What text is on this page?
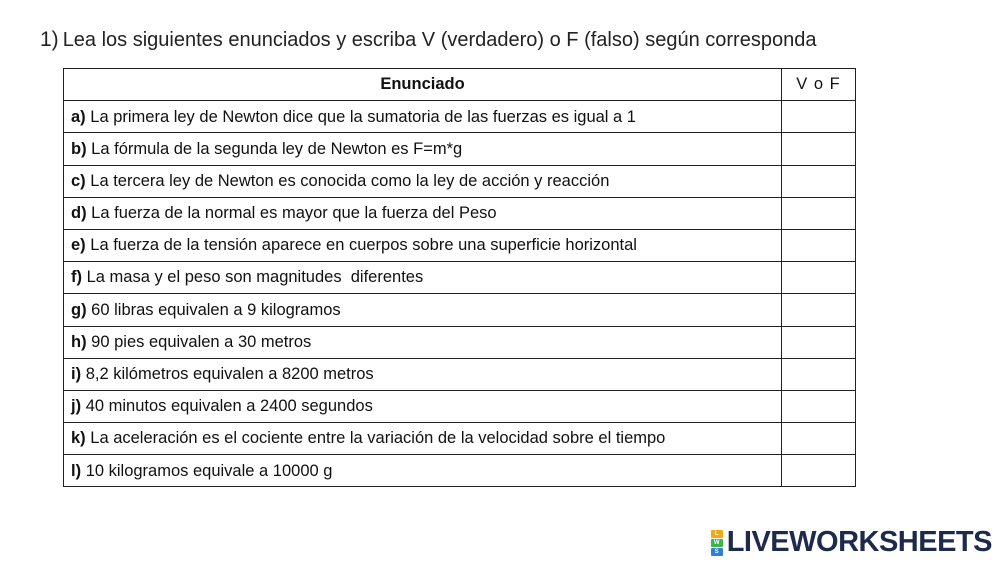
1) Lea los siguientes enunciados y escriba V (verdadero) o F (falso) según corresponda
Enunciado	V o F
a) La primera ley de Newton dice que la sumatoria de las fuerzas es igual a 1	
b) La fórmula de la segunda ley de Newton es F=m*g	
c) La tercera ley de Newton es conocida como la ley de acción y reacción	
d) La fuerza de la normal es mayor que la fuerza del Peso	
e) La fuerza de la tensión aparece en cuerpos sobre una superficie horizontal	
f) La masa y el peso son magnitudes  diferentes	
g) 60 libras equivalen a 9 kilogramos	
h) 90 pies equivalen a 30 metros	
i) 8,2 kilómetros equivalen a 8200 metros	
j) 40 minutos equivalen a 2400 segundos	
k) La aceleración es el cociente entre la variación de la velocidad sobre el tiempo	
l) 10 kilogramos equivale a 10000 g	
L
W
S LIVEWORKSHEETS
